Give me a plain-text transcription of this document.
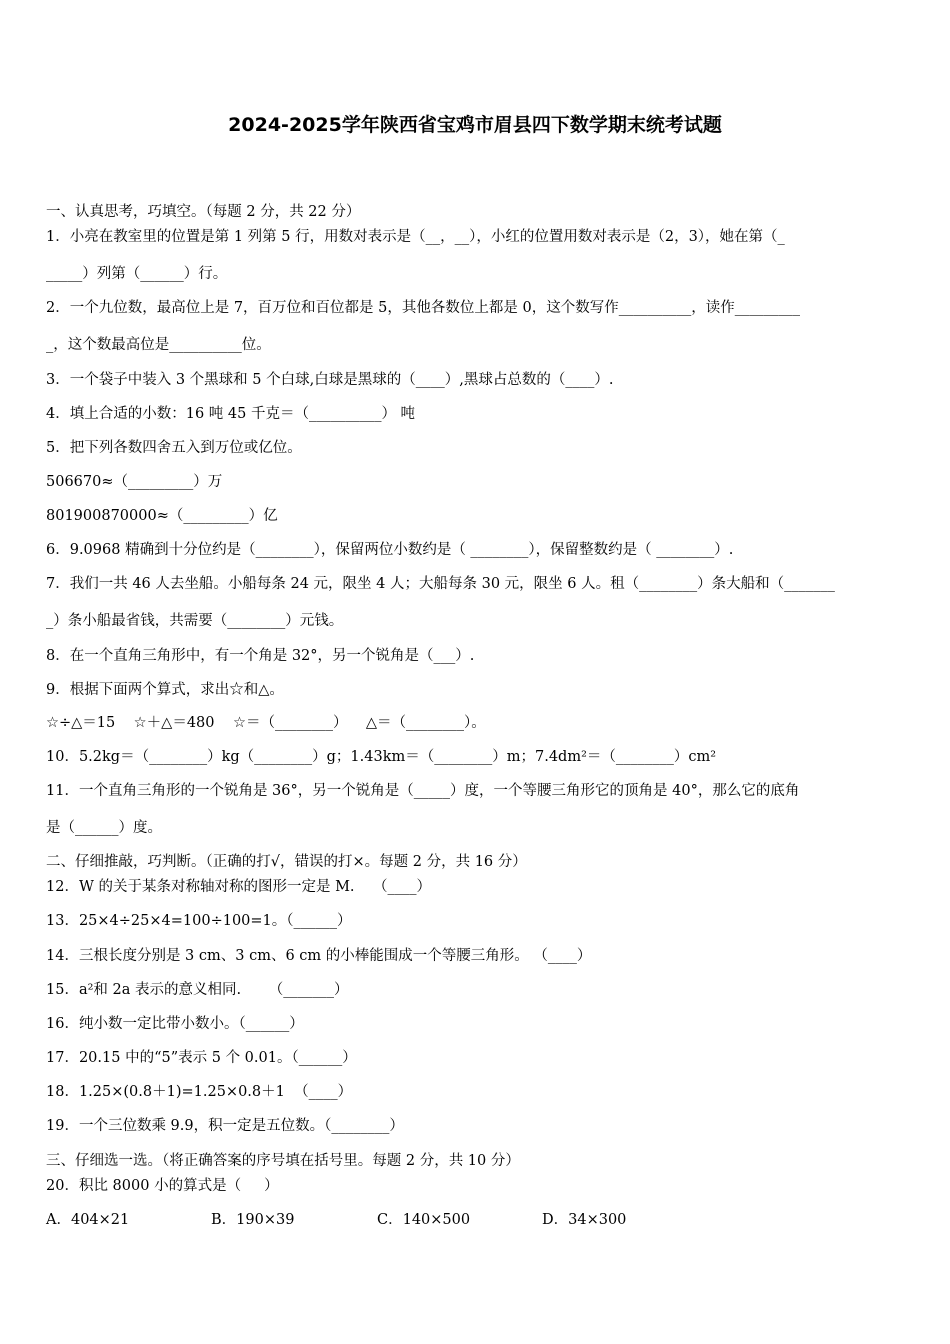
2024-2025学年陕西省宝鸡市眉县四下数学期末统考试题
一、认真思考，巧填空。（每题 2 分，共 22 分）
1．小亮在教室里的位置是第 1 列第 5 行，用数对表示是（__，__），小红的位置用数对表示是（2，3），她在第（_
_____）列第（______）行。
2．一个九位数，最高位上是 7，百万位和百位都是 5，其他各数位上都是 0，这个数写作__________，读作_________
_，这个数最高位是__________位。
3．一个袋子中装入 3 个黑球和 5 个白球,白球是黑球的（____）,黑球占总数的（____）.
4．填上合适的小数：16 吨 45 千克＝（__________） 吨
5．把下列各数四舍五入到万位或亿位。
506670≈（_________）万
801900870000≈（_________）亿
6．9.0968 精确到十分位约是（________），保留两位小数约是（ ________），保留整数约是（ ________）.
7．我们一共 46 人去坐船。小船每条 24 元，限坐 4 人；大船每条 30 元，限坐 6 人。租（________）条大船和（_______
_）条小船最省钱，共需要（________）元钱。
8．在一个直角三角形中，有一个角是 32°，另一个锐角是（___）.
9．根据下面两个算式，求出☆和△。
☆÷△＝15    ☆＋△＝480    ☆＝（________）    △＝（________）。
10．5.2kg＝（________）kg（________）g；1.43km＝（________）m；7.4dm²＝（________）cm²
11．一个直角三角形的一个锐角是 36°，另一个锐角是（_____）度，一个等腰三角形它的顶角是 40°，那么它的底角
是（______）度。
二、仔细推敲，巧判断。（正确的打√，错误的打×。每题 2 分，共 16 分）
12．W 的关于某条对称轴对称的图形一定是 M.    （____）
13．25×4÷25×4=100÷100=1。（______）
14．三根长度分别是 3 cm、3 cm、6 cm 的小棒能围成一个等腰三角形。 （____）
15．a²和 2a 表示的意义相同.      （_______）
16．纯小数一定比带小数小。（______）
17．20.15 中的“5”表示 5 个 0.01。（______）
18．1.25×(0.8＋1)=1.25×0.8＋1  （____）
19．一个三位数乘 9.9，积一定是五位数。（________）
三、仔细选一选。（将正确答案的序号填在括号里。每题 2 分，共 10 分）
20．积比 8000 小的算式是（     ）
A．404×21	B．190×39	C．140×500	D．34×300
